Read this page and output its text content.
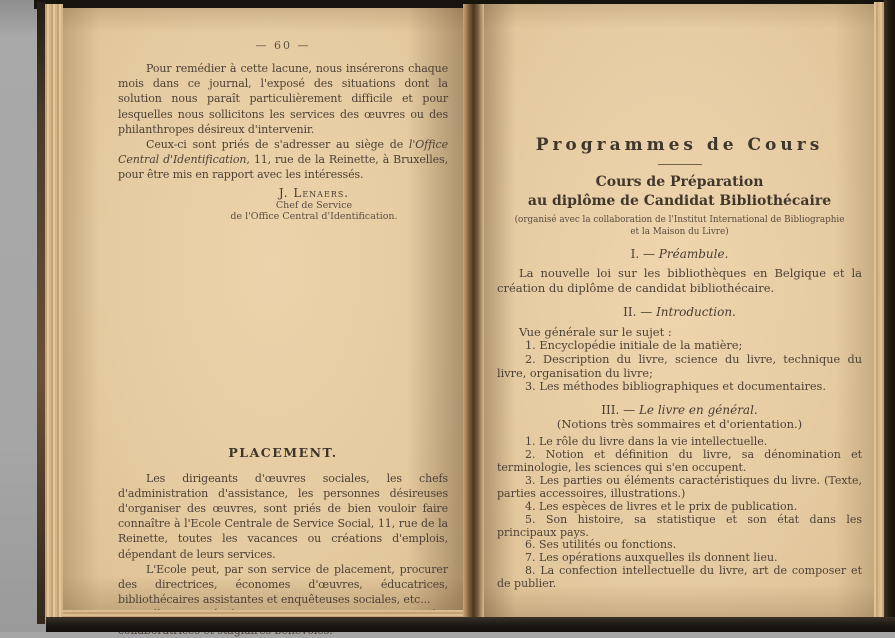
— 60 —

Pour remédier à cette lacune, nous insérerons chaque mois dans ce journal, l'exposé des situations dont la solution nous paraît particulièrement difficile et pour lesquelles nous sollicitons les services des œuvres ou des philanthropes désireux d'intervenir.

Ceux-ci sont priés de s'adresser au siège de l'Office Central d'Identification, 11, rue de la Reinette, à Bruxelles, pour être mis en rapport avec les intéressés.

J. Lenaers.
Chef de Service
de l'Office Central d'Identification.
PLACEMENT.

Les dirigeants d'œuvres sociales, les chefs d'administration d'assistance, les personnes désireuses d'organiser des œuvres, sont priés de bien vouloir faire connaître à l'Ecole Centrale de Service Social, 11, rue de la Reinette, toutes les vacances ou créations d'emplois, dépendant de leurs services.

L'Ecole peut, par son service de placement, procurer des directrices, économes d'œuvres, éducatrices, bibliothécaires assistantes et enquêteuses sociales, etc...

Programmes de Cours
Cours de Préparation
au diplôme de Candidat Bibliothécaire
(organisé avec la collaboration de l'Institut International de Bibliographie
et la Maison du Livre)
I. — Préambule.

La nouvelle loi sur les bibliothèques en Belgique et la création du diplôme de candidat bibliothécaire.

II. — Introduction.
Vue générale sur le sujet :

1. Encyclopédie initiale de la matière;

2. Description du livre, science du livre, technique du livre, organisation du livre;

3. Les méthodes bibliographiques et documentaires.

III. — Le livre en général.
(Notions très sommaires et d'orientation.)

1. Le rôle du livre dans la vie intellectuelle.

2. Notion et définition du livre, sa dénomination et terminologie, les sciences qui s'en occupent.

3. Les parties ou éléments caractéristiques du livre. (Texte, parties accessoires, illustrations.)

4. Les espèces de livres et le prix de publication.

5. Son histoire, sa statistique et son état dans les principaux pays.

6. Ses utilités ou fonctions.

7. Les opérations auxquelles ils donnent lieu.

8. La confection intellectuelle du livre, art de composer et de publier.
